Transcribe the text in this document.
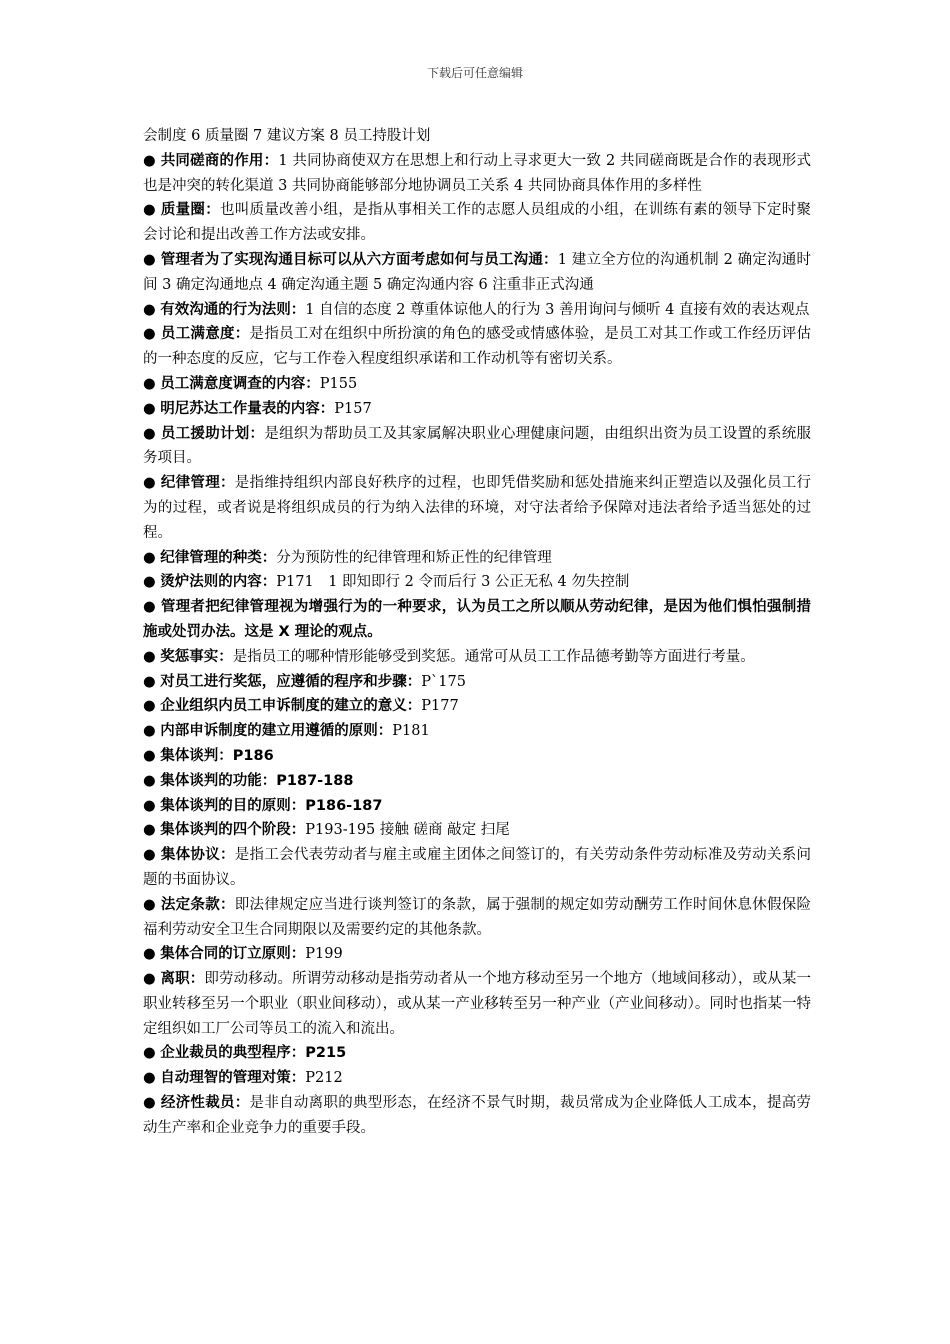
下载后可任意编辑

会制度 6 质量圈 7 建议方案 8 员工持股计划

● 共同磋商的作用：1 共同协商使双方在思想上和行动上寻求更大一致 2 共同磋商既是合作的表现形式也是冲突的转化渠道 3 共同协商能够部分地协调员工关系 4 共同协商具体作用的多样性

● 质量圈：也叫质量改善小组，是指从事相关工作的志愿人员组成的小组，在训练有素的领导下定时聚会讨论和提出改善工作方法或安排。

● 管理者为了实现沟通目标可以从六方面考虑如何与员工沟通：1 建立全方位的沟通机制 2 确定沟通时间 3 确定沟通地点 4 确定沟通主题 5 确定沟通内容 6 注重非正式沟通

● 有效沟通的行为法则：1 自信的态度 2 尊重体谅他人的行为 3 善用询问与倾听 4 直接有效的表达观点

● 员工满意度：是指员工对在组织中所扮演的角色的感受或情感体验，是员工对其工作或工作经历评估的一种态度的反应，它与工作卷入程度组织承诺和工作动机等有密切关系。

● 员工满意度调查的内容：P155

● 明尼苏达工作量表的内容：P157

● 员工援助计划：是组织为帮助员工及其家属解决职业心理健康问题，由组织出资为员工设置的系统服务项目。

● 纪律管理：是指维持组织内部良好秩序的过程，也即凭借奖励和惩处措施来纠正塑造以及强化员工行为的过程，或者说是将组织成员的行为纳入法律的环境，对守法者给予保障对违法者给予适当惩处的过程。

● 纪律管理的种类：分为预防性的纪律管理和矫正性的纪律管理

● 烫炉法则的内容：P171　1 即知即行 2 令而后行 3 公正无私 4 勿失控制

● 管理者把纪律管理视为增强行为的一种要求，认为员工之所以顺从劳动纪律，是因为他们惧怕强制措施或处罚办法。这是 X 理论的观点。

● 奖惩事实：是指员工的哪种情形能够受到奖惩。通常可从员工工作品德考勤等方面进行考量。

● 对员工进行奖惩，应遵循的程序和步骤：P`175

● 企业组织内员工申诉制度的建立的意义：P177

● 内部申诉制度的建立用遵循的原则：P181

● 集体谈判：P186

● 集体谈判的功能：P187-188

● 集体谈判的目的原则：P186-187

● 集体谈判的四个阶段：P193-195 接触 磋商 敲定 扫尾

● 集体协议：是指工会代表劳动者与雇主或雇主团体之间签订的，有关劳动条件劳动标准及劳动关系问题的书面协议。

● 法定条款：即法律规定应当进行谈判签订的条款，属于强制的规定如劳动酬劳工作时间休息休假保险福利劳动安全卫生合同期限以及需要约定的其他条款。

● 集体合同的订立原则：P199

● 离职：即劳动移动。所谓劳动移动是指劳动者从一个地方移动至另一个地方（地域间移动），或从某一职业转移至另一个职业（职业间移动），或从某一产业移转至另一种产业（产业间移动）。同时也指某一特定组织如工厂公司等员工的流入和流出。

● 企业裁员的典型程序：P215

● 自动理智的管理对策：P212

● 经济性裁员：是非自动离职的典型形态，在经济不景气时期，裁员常成为企业降低人工成本，提高劳动生产率和企业竞争力的重要手段。
